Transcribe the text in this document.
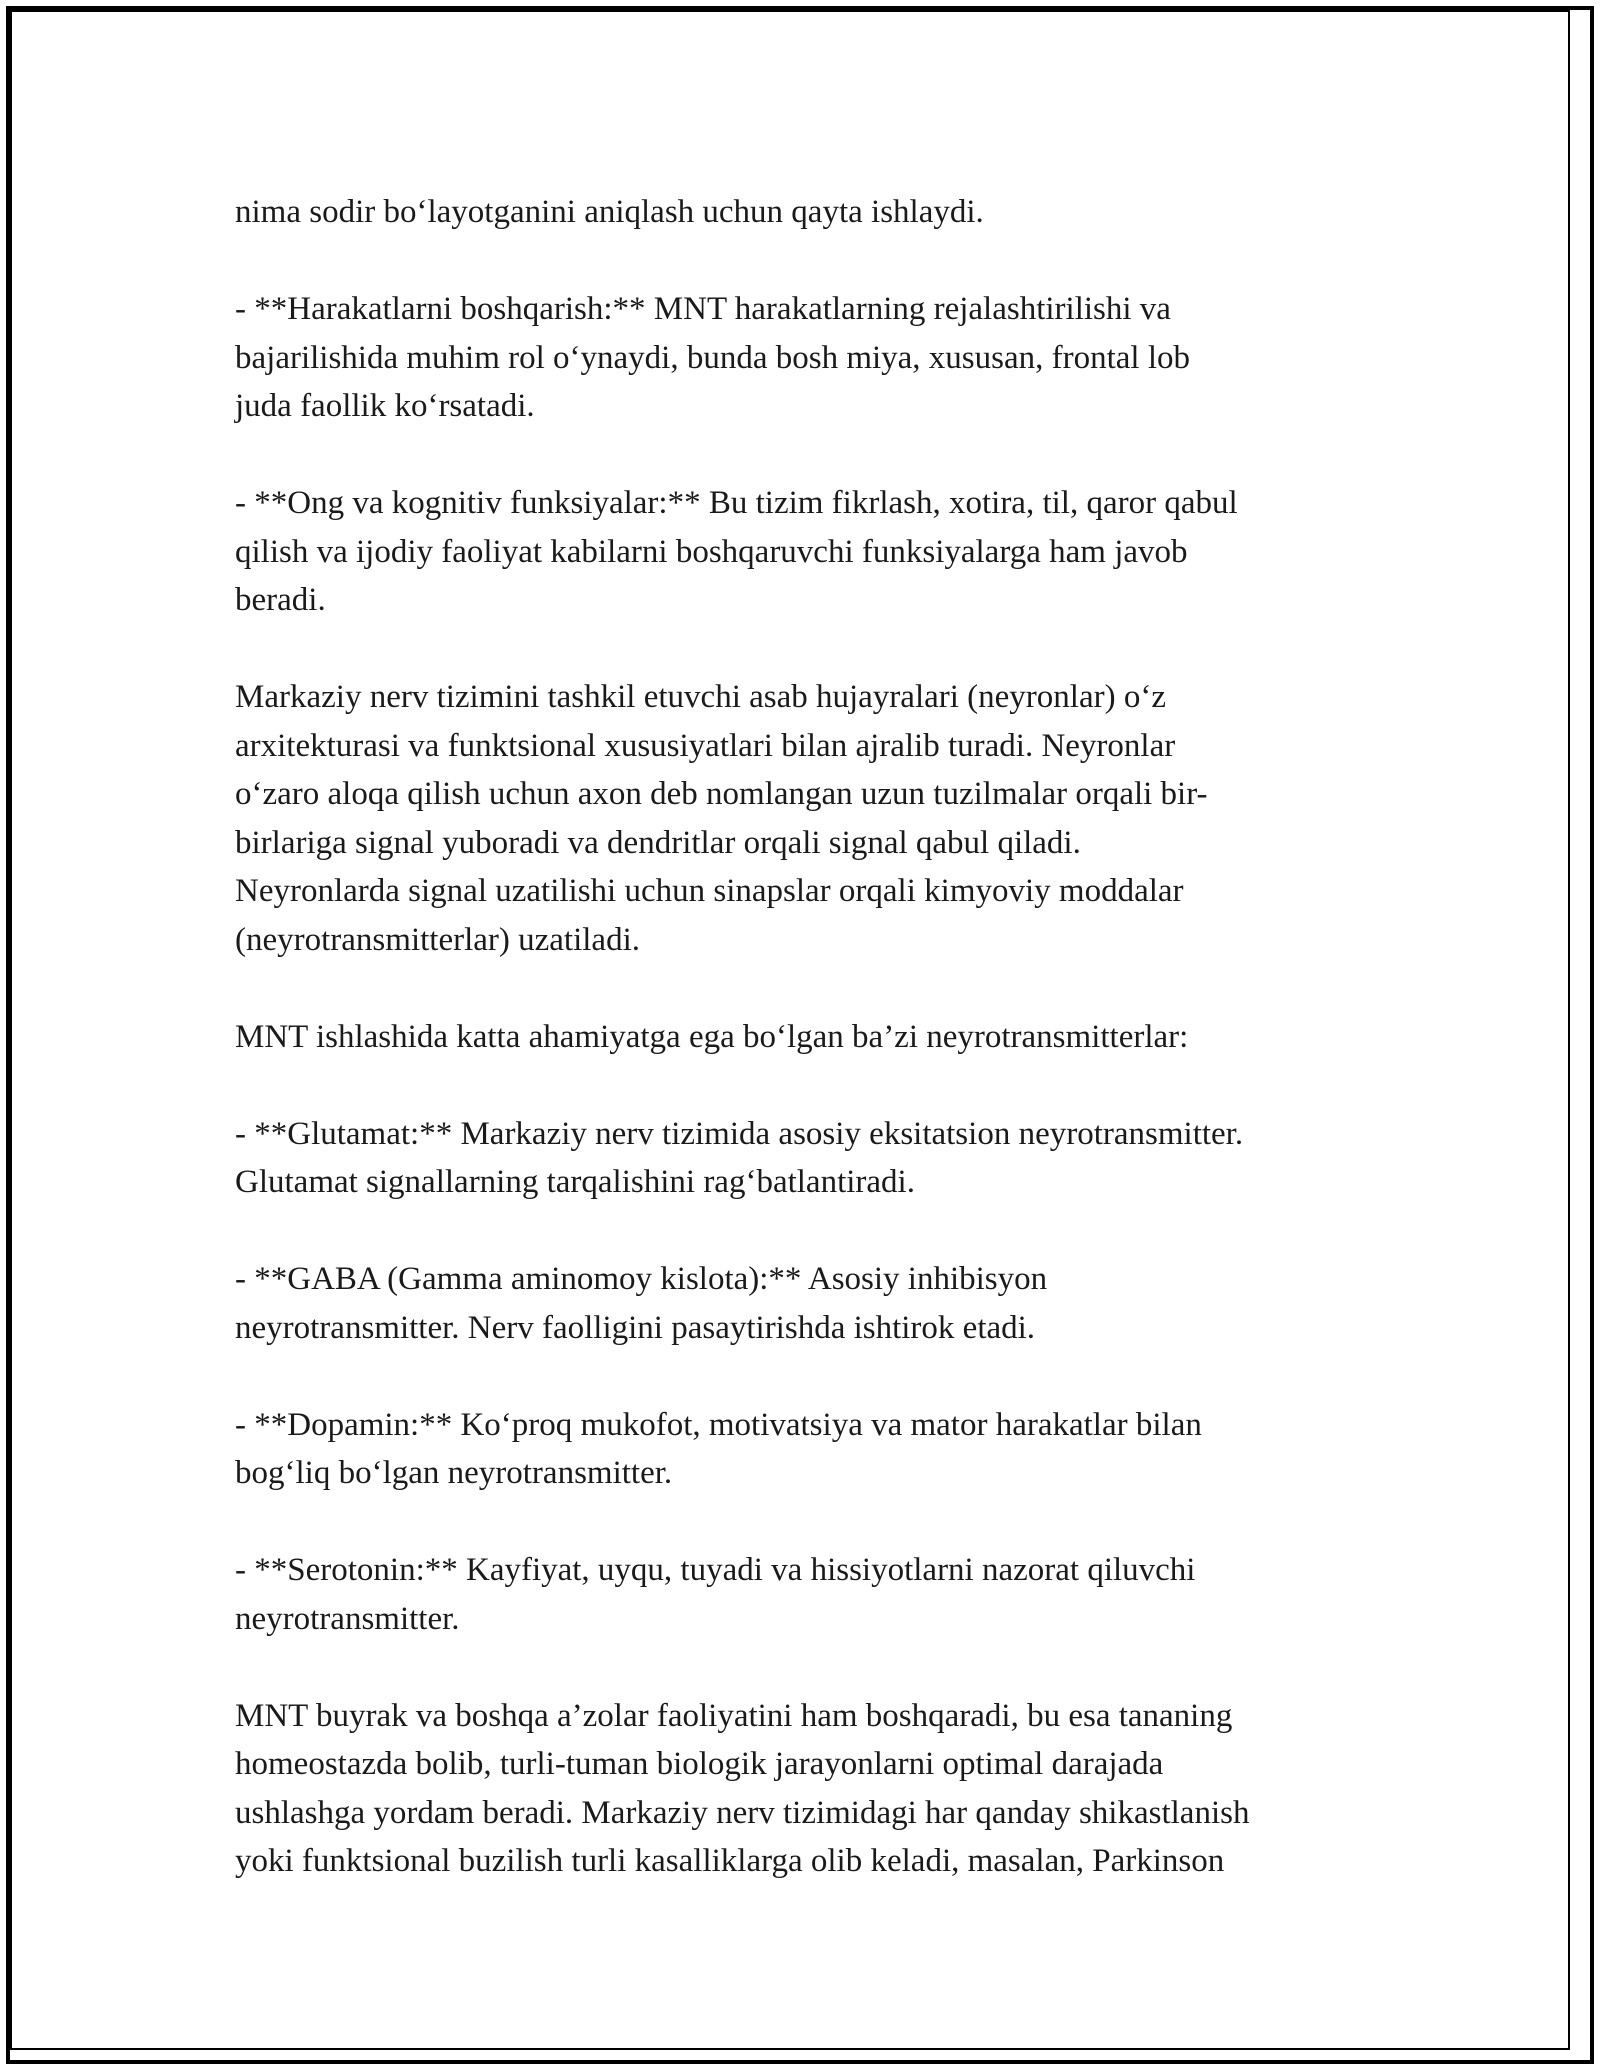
nima sodir bo‘layotganini aniqlash uchun qayta ishlaydi.
- **Harakatlarni boshqarish:** MNT harakatlarning rejalashtirilishi va
bajarilishida muhim rol o‘ynaydi, bunda bosh miya, xususan, frontal lob
juda faollik ko‘rsatadi.
- **Ong va kognitiv funksiyalar:** Bu tizim fikrlash, xotira, til, qaror qabul
qilish va ijodiy faoliyat kabilarni boshqaruvchi funksiyalarga ham javob
beradi.
Markaziy nerv tizimini tashkil etuvchi asab hujayralari (neyronlar) o‘z
arxitekturasi va funktsional xususiyatlari bilan ajralib turadi. Neyronlar
o‘zaro aloqa qilish uchun axon deb nomlangan uzun tuzilmalar orqali bir-
birlariga signal yuboradi va dendritlar orqali signal qabul qiladi.
Neyronlarda signal uzatilishi uchun sinapslar orqali kimyoviy moddalar
(neyrotransmitterlar) uzatiladi.
MNT ishlashida katta ahamiyatga ega bo‘lgan ba’zi neyrotransmitterlar:
- **Glutamat:** Markaziy nerv tizimida asosiy eksitatsion neyrotransmitter.
Glutamat signallarning tarqalishini rag‘batlantiradi.
- **GABA (Gamma aminomoy kislota):** Asosiy inhibisyon
neyrotransmitter. Nerv faolligini pasaytirishda ishtirok etadi.
- **Dopamin:** Ko‘proq mukofot, motivatsiya va mator harakatlar bilan
bog‘liq bo‘lgan neyrotransmitter.
- **Serotonin:** Kayfiyat, uyqu, tuyadi va hissiyotlarni nazorat qiluvchi
neyrotransmitter.
MNT buyrak va boshqa a’zolar faoliyatini ham boshqaradi, bu esa tananing
homeostazda bolib, turli-tuman biologik jarayonlarni optimal darajada
ushlashga yordam beradi. Markaziy nerv tizimidagi har qanday shikastlanish
yoki funktsional buzilish turli kasalliklarga olib keladi, masalan, Parkinson
